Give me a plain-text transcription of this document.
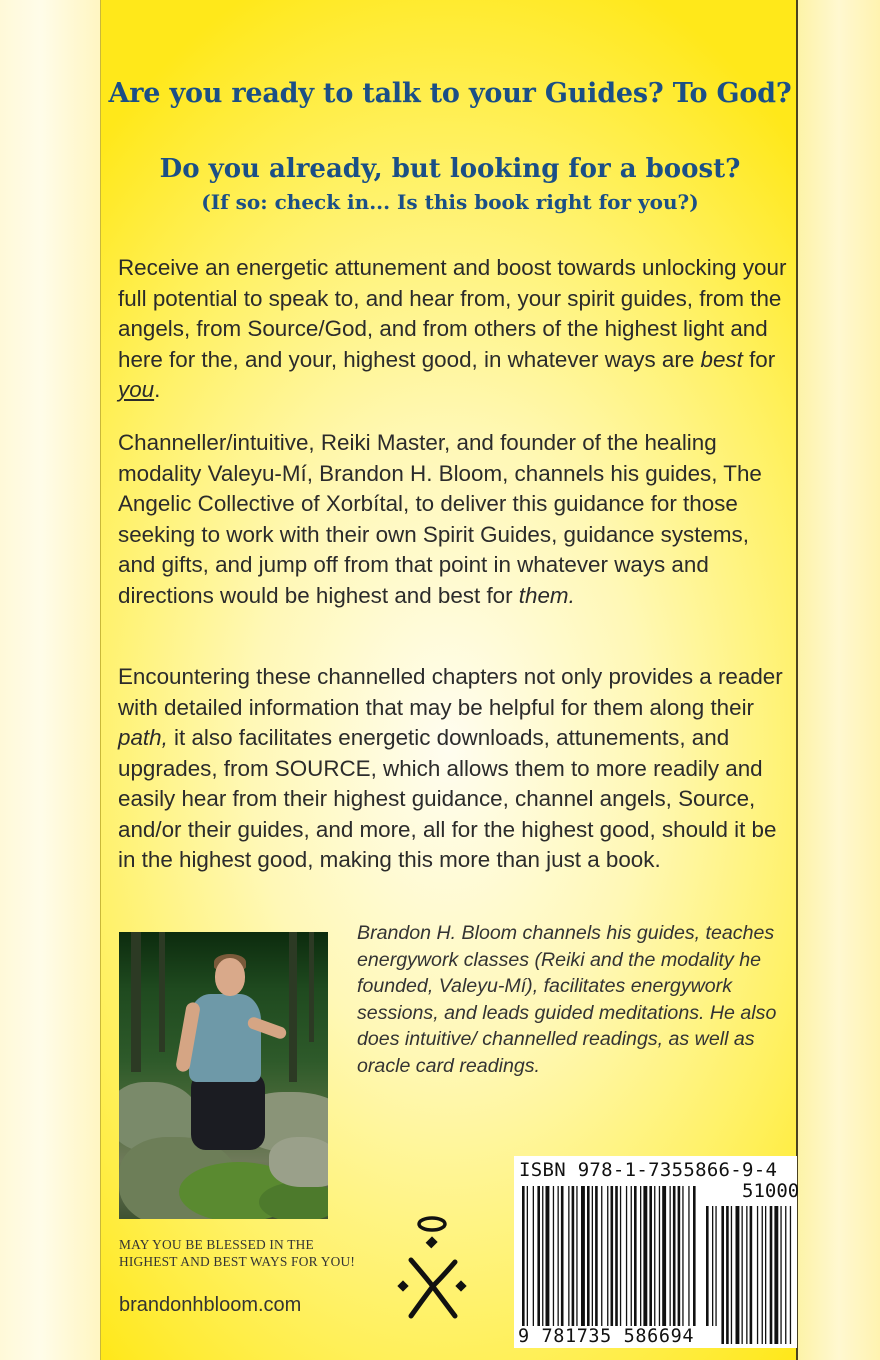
Are you ready to talk to your Guides? To God?
Do you already, but looking for a boost?
(If so: check in... Is this book right for you?)

Receive an energetic attunement and boost towards unlocking your full potential to speak to, and hear from, your spirit guides, from the angels, from Source/God, and from others of the highest light and here for the, and your, highest good, in whatever ways are best for you.

Channeller/intuitive, Reiki Master, and founder of the healing modality Valeyu-Mí, Brandon H. Bloom, channels his guides, The Angelic Collective of Xorbítal, to deliver this guidance for those seeking to work with their own Spirit Guides, guidance systems, and gifts, and jump off from that point in whatever ways and directions would be highest and best for them.

Encountering these channelled chapters not only provides a reader with detailed information that may be helpful for them along their path, it also facilitates energetic downloads, attunements, and upgrades, from SOURCE, which allows them to more readily and easily hear from their highest guidance, channel angels, Source, and/or their guides, and more, all for the highest good, should it be in the highest good, making this more than just a book.

Brandon H. Bloom channels his guides, teaches energywork classes (Reiki and the modality he founded, Valeyu-Mí), facilitates energywork sessions, and leads guided meditations. He also does intuitive/ channelled readings, as well as oracle card readings.

MAY YOU BE BLESSED IN THE
HIGHEST AND BEST WAYS FOR YOU!

brandonhbloom.com

ISBN 978-1-7355866-9-4

51000

9 781735 586694
